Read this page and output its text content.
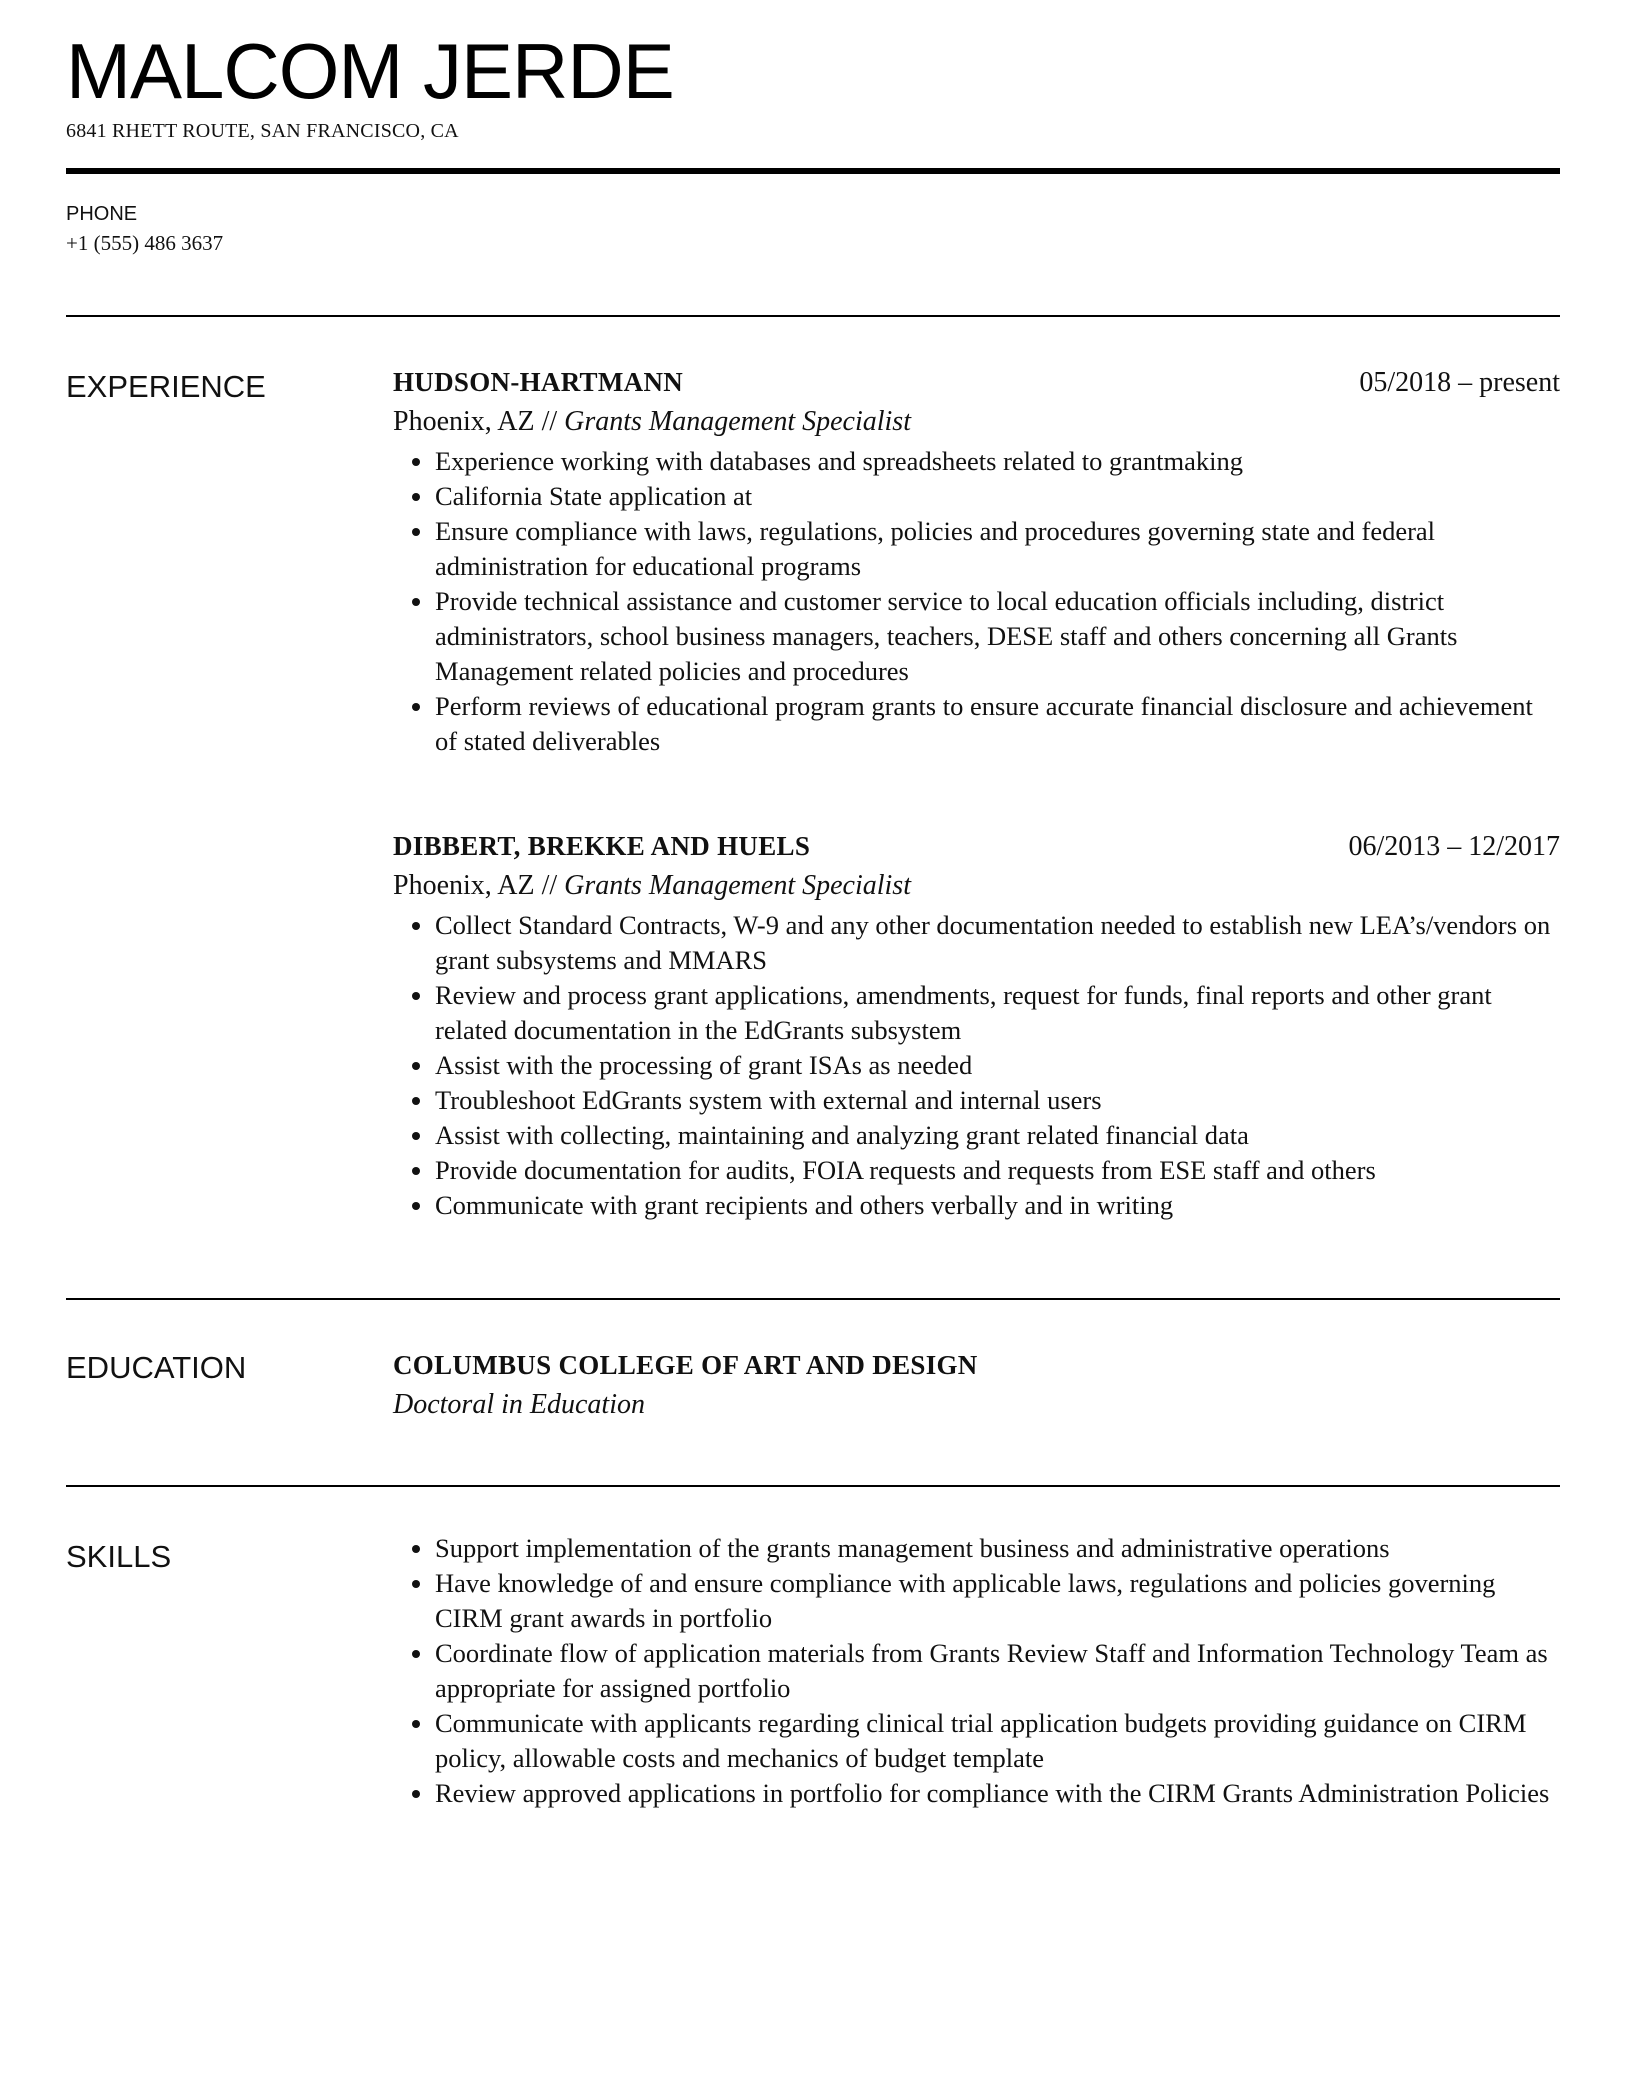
MALCOM JERDE
6841 RHETT ROUTE, SAN FRANCISCO, CA
PHONE
+1 (555) 486 3637
EXPERIENCE	HUDSON-HARTMANN	05/2018 – present
Phoenix, AZ // Grants Management Specialist
• Experience working with databases and spreadsheets related to grantmaking
• California State application at
• Ensure compliance with laws, regulations, policies and procedures governing state and federal administration for educational programs
• Provide technical assistance and customer service to local education officials including, district administrators, school business managers, teachers, DESE staff and others concerning all Grants Management related policies and procedures
• Perform reviews of educational program grants to ensure accurate financial disclosure and achievement of stated deliverables
DIBBERT, BREKKE AND HUELS	06/2013 – 12/2017
Phoenix, AZ // Grants Management Specialist
• Collect Standard Contracts, W-9 and any other documentation needed to establish new LEA’s/vendors on grant subsystems and MMARS
• Review and process grant applications, amendments, request for funds, final reports and other grant related documentation in the EdGrants subsystem
• Assist with the processing of grant ISAs as needed
• Troubleshoot EdGrants system with external and internal users
• Assist with collecting, maintaining and analyzing grant related financial data
• Provide documentation for audits, FOIA requests and requests from ESE staff and others
• Communicate with grant recipients and others verbally and in writing
EDUCATION	COLUMBUS COLLEGE OF ART AND DESIGN
Doctoral in Education
SKILLS
•	Support implementation of the grants management business and administrative operations
• Have knowledge of and ensure compliance with applicable laws, regulations and policies governing CIRM grant awards in portfolio
• Coordinate flow of application materials from Grants Review Staff and Information Technology Team as appropriate for assigned portfolio
• Communicate with applicants regarding clinical trial application budgets providing guidance on CIRM policy, allowable costs and mechanics of budget template
• Review approved applications in portfolio for compliance with the CIRM Grants Administration Policies
